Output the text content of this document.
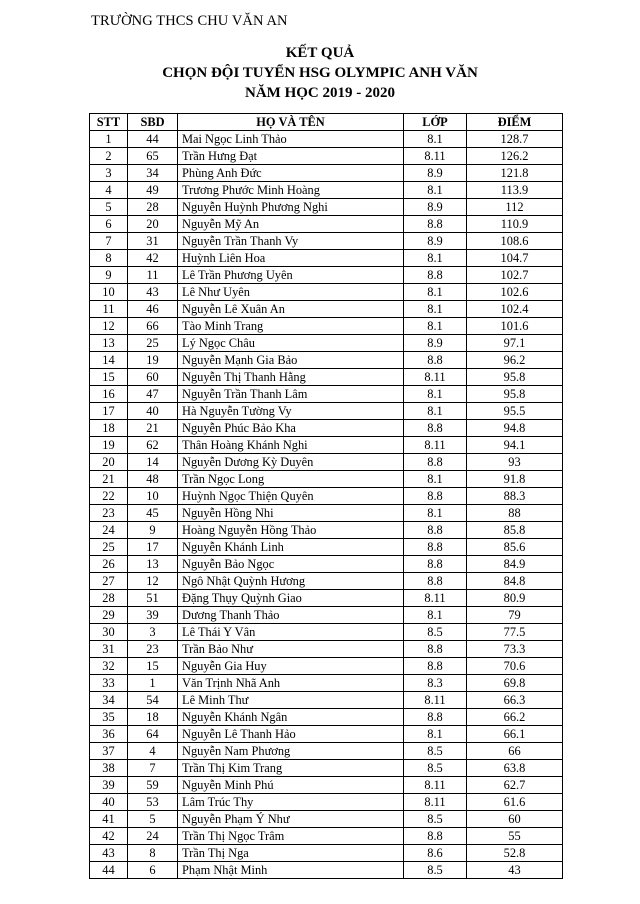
TRƯỜNG THCS CHU VĂN AN
KẾT QUẢ
CHỌN ĐỘI TUYỂN HSG OLYMPIC ANH VĂN
NĂM HỌC 2019 - 2020
STT	SBD	HỌ VÀ TÊN	LỚP	ĐIỂM
1	44	Mai Ngọc Linh Thảo	8.1	128.7
2	65	Trần Hưng Đạt	8.11	126.2
3	34	Phùng Anh Đức	8.9	121.8
4	49	Trương Phước Minh Hoàng	8.1	113.9
5	28	Nguyễn Huỳnh Phương Nghi	8.9	112
6	20	Nguyễn Mỹ An	8.8	110.9
7	31	Nguyễn Trần Thanh Vy	8.9	108.6
8	42	Huỳnh Liên Hoa	8.1	104.7
9	11	Lê Trần Phương Uyên	8.8	102.7
10	43	Lê Như Uyên	8.1	102.6
11	46	Nguyễn Lê Xuân An	8.1	102.4
12	66	Tào Minh Trang	8.1	101.6
13	25	Lý Ngọc Châu	8.9	97.1
14	19	Nguyễn Mạnh Gia Bảo	8.8	96.2
15	60	Nguyễn Thị Thanh Hằng	8.11	95.8
16	47	Nguyễn Trần Thanh Lâm	8.1	95.8
17	40	Hà Nguyễn Tường Vy	8.1	95.5
18	21	Nguyễn Phúc Bảo Kha	8.8	94.8
19	62	Thân Hoàng Khánh Nghi	8.11	94.1
20	14	Nguyễn Dương Kỳ Duyên	8.8	93
21	48	Trần Ngọc Long	8.1	91.8
22	10	Huỳnh Ngọc Thiện Quyên	8.8	88.3
23	45	Nguyễn Hồng Nhi	8.1	88
24	9	Hoàng Nguyễn Hồng Thảo	8.8	85.8
25	17	Nguyễn Khánh Linh	8.8	85.6
26	13	Nguyễn Bảo Ngọc	8.8	84.9
27	12	Ngô Nhật Quỳnh Hương	8.8	84.8
28	51	Đặng Thụy Quỳnh Giao	8.11	80.9
29	39	Dương Thanh Thảo	8.1	79
30	3	Lê Thái Y Vân	8.5	77.5
31	23	Trần Bảo Như	8.8	73.3
32	15	Nguyễn Gia Huy	8.8	70.6
33	1	Văn Trịnh Nhã Anh	8.3	69.8
34	54	Lê Minh Thư	8.11	66.3
35	18	Nguyễn Khánh Ngân	8.8	66.2
36	64	Nguyễn Lê Thanh Hảo	8.1	66.1
37	4	Nguyễn Nam Phương	8.5	66
38	7	Trần Thị Kim Trang	8.5	63.8
39	59	Nguyễn Minh Phú	8.11	62.7
40	53	Lâm Trúc Thy	8.11	61.6
41	5	Nguyễn Phạm Ý Như	8.5	60
42	24	Trần Thị Ngọc Trâm	8.8	55
43	8	Trần Thị Nga	8.6	52.8
44	6	Phạm Nhật Minh	8.5	43
